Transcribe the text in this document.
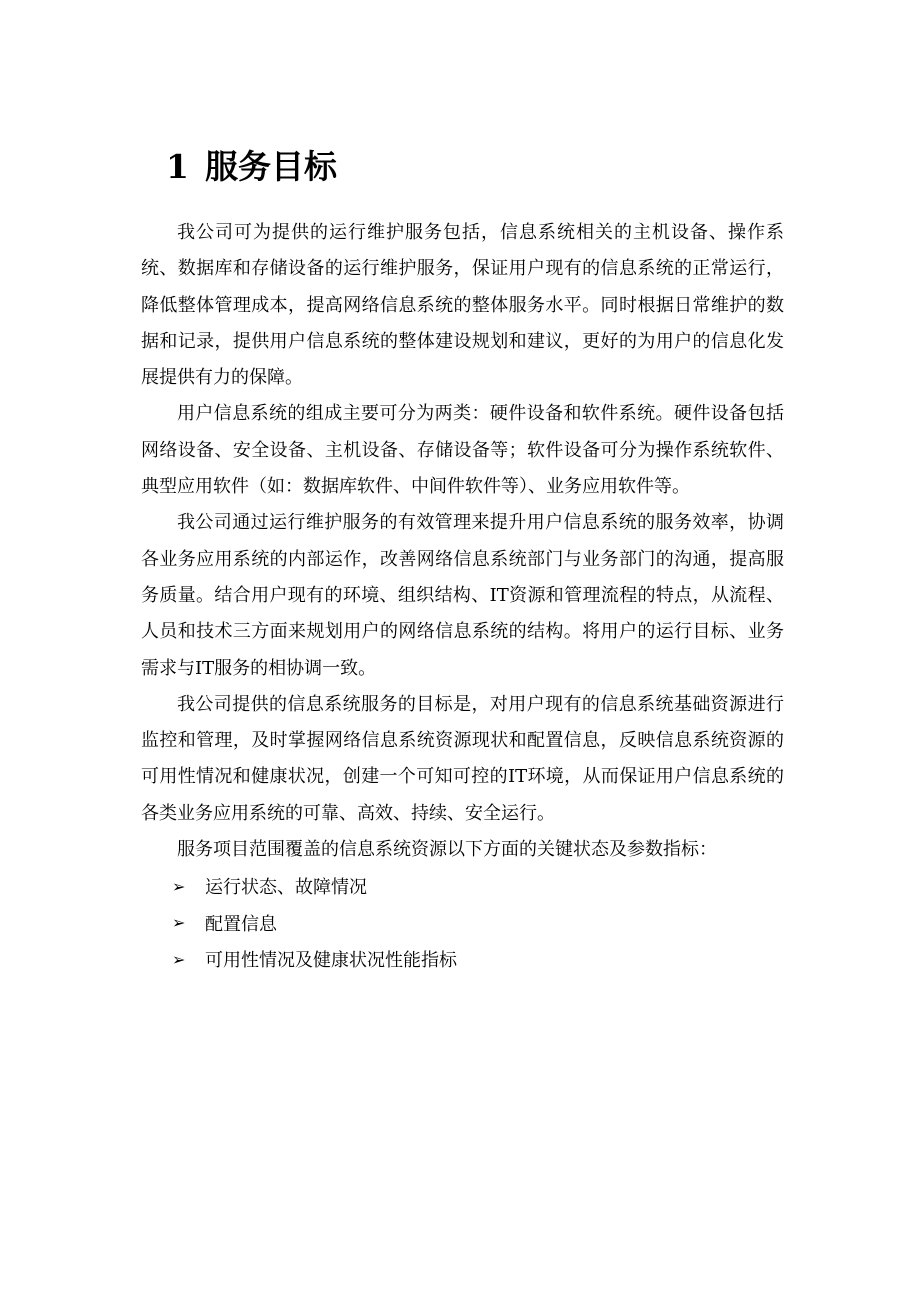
1 服务目标

我公司可为提供的运行维护服务包括，信息系统相关的主机设备、操作系统、数据库和存储设备的运行维护服务，保证用户现有的信息系统的正常运行，降低整体管理成本，提高网络信息系统的整体服务水平。同时根据日常维护的数据和记录，提供用户信息系统的整体建设规划和建议，更好的为用户的信息化发展提供有力的保障。

用户信息系统的组成主要可分为两类：硬件设备和软件系统。硬件设备包括网络设备、安全设备、主机设备、存储设备等；软件设备可分为操作系统软件、典型应用软件（如：数据库软件、中间件软件等）、业务应用软件等。

我公司通过运行维护服务的有效管理来提升用户信息系统的服务效率，协调各业务应用系统的内部运作，改善网络信息系统部门与业务部门的沟通，提高服务质量。结合用户现有的环境、组织结构、IT资源和管理流程的特点，从流程、人员和技术三方面来规划用户的网络信息系统的结构。将用户的运行目标、业务需求与IT服务的相协调一致。

我公司提供的信息系统服务的目标是，对用户现有的信息系统基础资源进行监控和管理，及时掌握网络信息系统资源现状和配置信息，反映信息系统资源的可用性情况和健康状况，创建一个可知可控的IT环境，从而保证用户信息系统的各类业务应用系统的可靠、高效、持续、安全运行。

服务项目范围覆盖的信息系统资源以下方面的关键状态及参数指标：

➢	运行状态、故障情况
➢	配置信息
➢	可用性情况及健康状况性能指标
